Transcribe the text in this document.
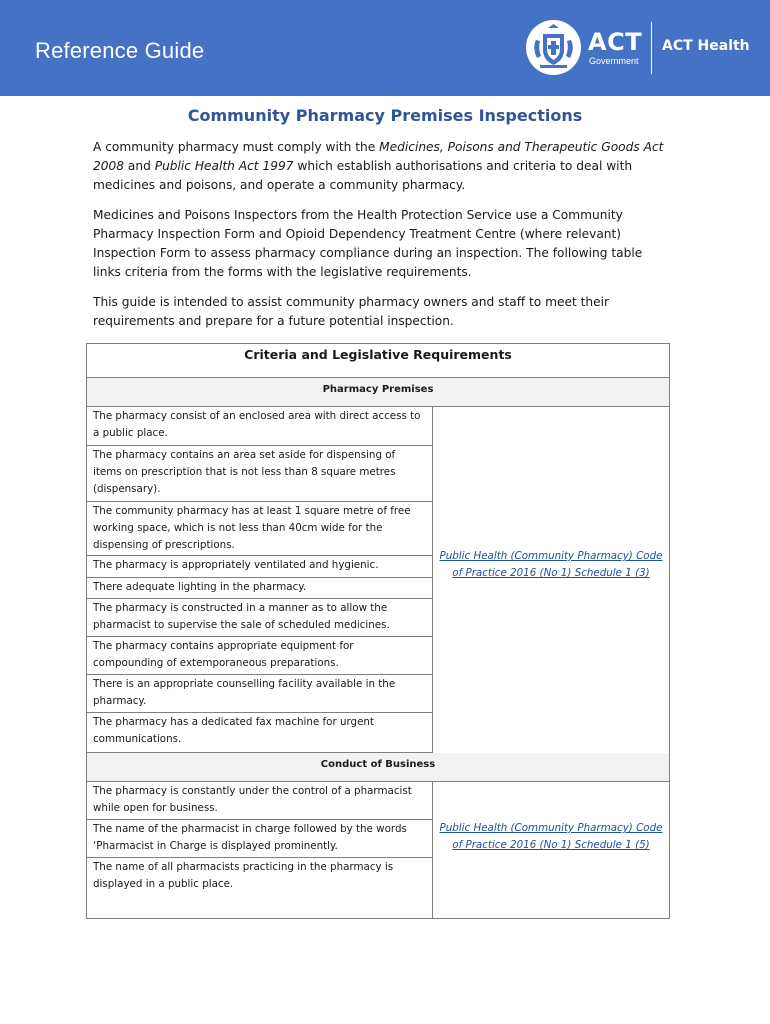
Reference Guide	ACT
Government
ACT Health
Community Pharmacy Premises Inspections
A community pharmacy must comply with the Medicines, Poisons and Therapeutic Goods Act 2008 and Public Health Act 1997 which establish authorisations and criteria to deal with medicines and poisons, and operate a community pharmacy.
Medicines and Poisons Inspectors from the Health Protection Service use a Community Pharmacy Inspection Form and Opioid Dependency Treatment Centre (where relevant) Inspection Form to assess pharmacy compliance during an inspection. The following table links criteria from the forms with the legislative requirements.
This guide is intended to assist community pharmacy owners and staff to meet their requirements and prepare for a future potential inspection.
Criteria and Legislative Requirements
Pharmacy Premises
The pharmacy consist of an enclosed area with direct access to a public place.
The pharmacy contains an area set aside for dispensing of items on prescription that is not less than 8 square metres (dispensary).
The community pharmacy has at least 1 square metre of free working space, which is not less than 40cm wide for the dispensing of prescriptions.
The pharmacy is appropriately ventilated and hygienic.
There adequate lighting in the pharmacy.
The pharmacy is constructed in a manner as to allow the pharmacist to supervise the sale of scheduled medicines.
The pharmacy contains appropriate equipment for compounding of extemporaneous preparations.
There is an appropriate counselling facility available in the pharmacy.
The pharmacy has a dedicated fax machine for urgent communications.
Public Health (Community Pharmacy) Code of Practice 2016 (No 1) Schedule 1 (3)
Conduct of Business
The pharmacy is constantly under the control of a pharmacist while open for business.
The name of the pharmacist in charge followed by the words ‘Pharmacist in Charge is displayed prominently.
The name of all pharmacists practicing in the pharmacy is displayed in a public place.
Public Health (Community Pharmacy) Code of Practice 2016 (No 1) Schedule 1 (5)
